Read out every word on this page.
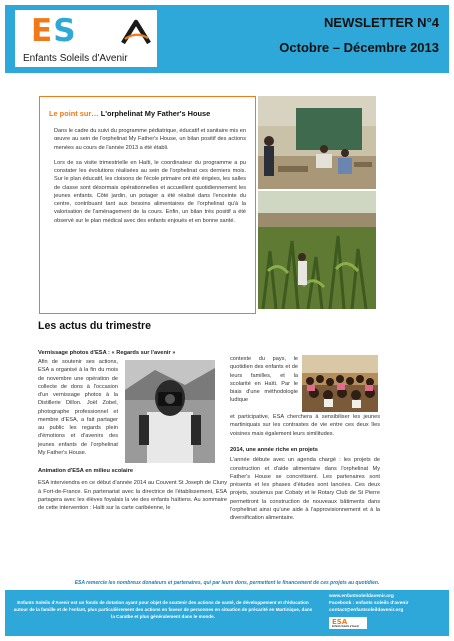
ES
Enfants Soleils d'Avenir
NEWSLETTER N°4
Octobre – Décembre 2013
Le point sur… L'orphelinat My Father's House

Dans le cadre du suivi du programme pédiatrique, éducatif et sanitaire mis en œuvre au sein de l'orphelinat My Father's House, un bilan positif des actions menées au cours de l'année 2013 a été établi.

Lors de sa visite trimestrielle en Haïti, le coordinateur du programme a pu constater les évolutions réalisées au sein de l'orphelinat ces derniers mois. Sur le plan éducatif, les cloisons de l'école primaire ont été érigées, les salles de classe sont désormais opérationnelles et accueillent quotidiennement les jeunes enfants. Côté jardin, un potager a été réalisé dans l'enceinte du centre, contribuant tant aux besoins alimentaires de l'orphelinat qu'à la valorisation de l'aménagement de la cours. Enfin, un bilan très positif a été observé sur le plan médical avec des enfants enjoués et en bonne santé.

Les actus du trimestre
Vernissage photos d'ESA : « Regards sur l'avenir »

Afin de soutenir ses actions, ESA a organisé à la fin du mois de novembre une opération de collecte de dons à l'occasion d'un vernissage photos à la Distillerie Dillon. Joël Zobel, photographe professionnel et membre d'ESA, a fait partager au public les regards plein d'émotions et d'avenirs des jeunes enfants de l'orphelinat My Father's House.

Animation d'ESA en milieu scolaire

ESA interviendra en ce début d'année 2014 au Couvent St Joseph de Cluny à Fort-de-France. En partenariat avec la directrice de l'établissement, ESA partagera avec les élèves foyalais la vie des enfants haïtiens. Au sommaire de cette intervention : Haïti sur la carte caribéenne, le

contexte du pays, le quotidien des enfants et de leurs familles, et la scolarité en Haïti. Par le biais d'une méthodologie ludique

et participative, ESA cherchera à sensibiliser les jeunes martiniquais sur les contrastes de vie entre ces deux îles voisines mais également leurs similitudes.

2014, une année riche en projets

L'année débute avec un agenda chargé : les projets de construction et d'aide alimentaire dans l'orphelinat My Father's House se concrétisent. Les partenaires sont présents et les phases d'études sont lancées. Ces deux projets, soutenus par Cobaty et le Rotary Club de St Pierre permettront la construction de nouveaux bâtiments dans l'orphelinat ainsi qu'une aide à l'approvisionnement et à la diversification alimentaire.

ESA remercie les nombreux donateurs et partenaires, qui par leurs dons, permettent le financement de ces projets au quotidien.
Enfants Soleils d'Avenir est un fonds de dotation ayant pour objet de soutenir des actions de santé, de développement et d'éducation autour de la famille et de l'enfant, plus particulièrement des actions en faveur de personnes en situation de précarité en Martinique, dans la Caraïbe et plus généralement dans le monde.
www.enfantsoleildavenir.org
Facebook : enfants soleils d'avenir
contact@enfantsoleildavenir.org
ESA
Enfants Soleils d'Avenir
